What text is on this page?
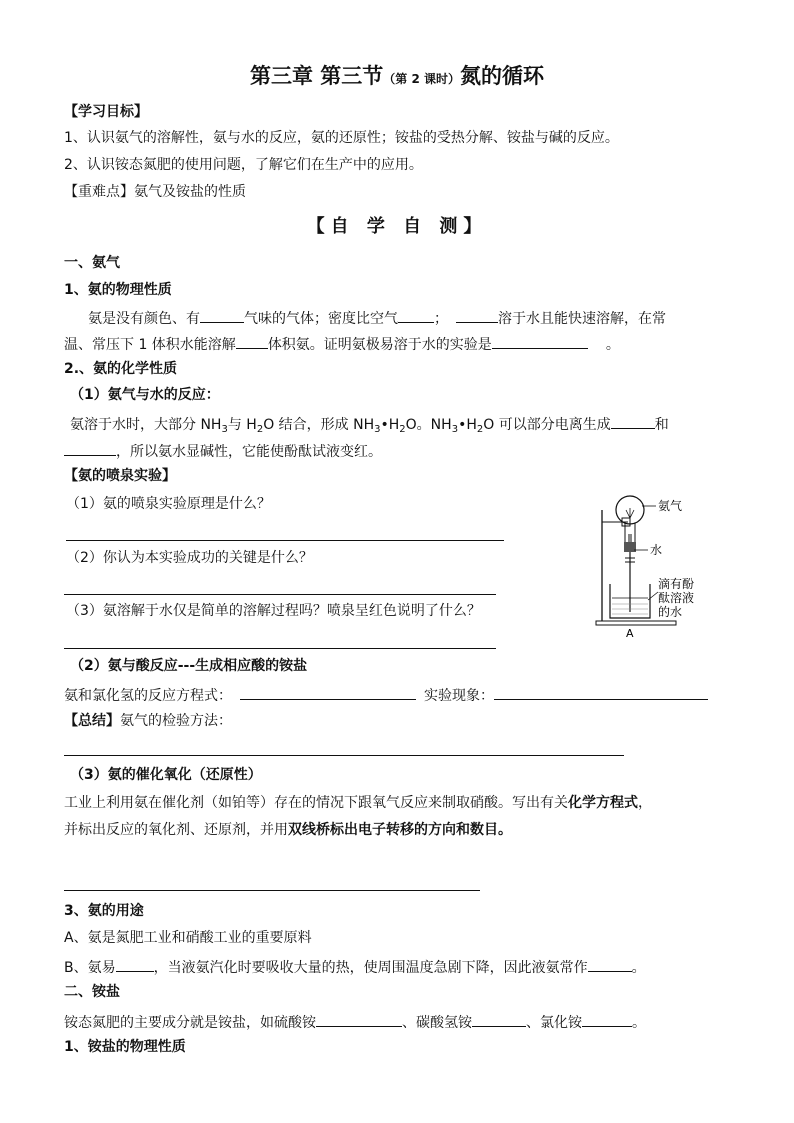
第三章 第三节（第 2 课时）氮的循环
【学习目标】
1、认识氨气的溶解性，氨与水的反应，氨的还原性；铵盐的受热分解、铵盐与碱的反应。
2、认识铵态氮肥的使用问题，了解它们在生产中的应用。
【重难点】氨气及铵盐的性质
【自 学 自 测】
一、氨气
1、氨的物理性质
氨是没有颜色、有	气味的气体；密度比空气	；	溶于水且能快速溶解，在常
温、常压下 1 体积水能溶解 体积氨。证明氨极易溶于水的实验是	。
2.、氨的化学性质
（1）氨气与水的反应：
氨溶于水时，大部分 $NH_3$与 $H_2O$ 结合，形成 $NH_3•H_2O$。$NH_3•H_2O$ 可以部分电离生成	和
，所以氨水显碱性，它能使酚酞试液变红。
【氨的喷泉实验】
（1）氨的喷泉实验原理是什么？
（2）你认为本实验成功的关键是什么？
（3）氨溶解于水仅是简单的溶解过程吗？喷泉呈红色说明了什么？
氨气
水
滴有酚
酞溶液
的水
A
（2）氨与酸反应---生成相应酸的铵盐
氨和氯化氢的反应方程式：	实验现象：
【总结】氨气的检验方法：
（3）氨的催化氧化（还原性）
工业上利用氨在催化剂（如铂等）存在的情况下跟氧气反应来制取硝酸。写出有关化学方程式，
并标出反应的氧化剂、还原剂，并用双线桥标出电子转移的方向和数目。
3、氨的用途
A、氨是氮肥工业和硝酸工业的重要原料
B、氨易	，当液氨汽化时要吸收大量的热，使周围温度急剧下降，因此液氨常作	。
二、铵盐
铵态氮肥的主要成分就是铵盐，如硫酸铵	、碳酸氢铵	、氯化铵	。
1、铵盐的物理性质
